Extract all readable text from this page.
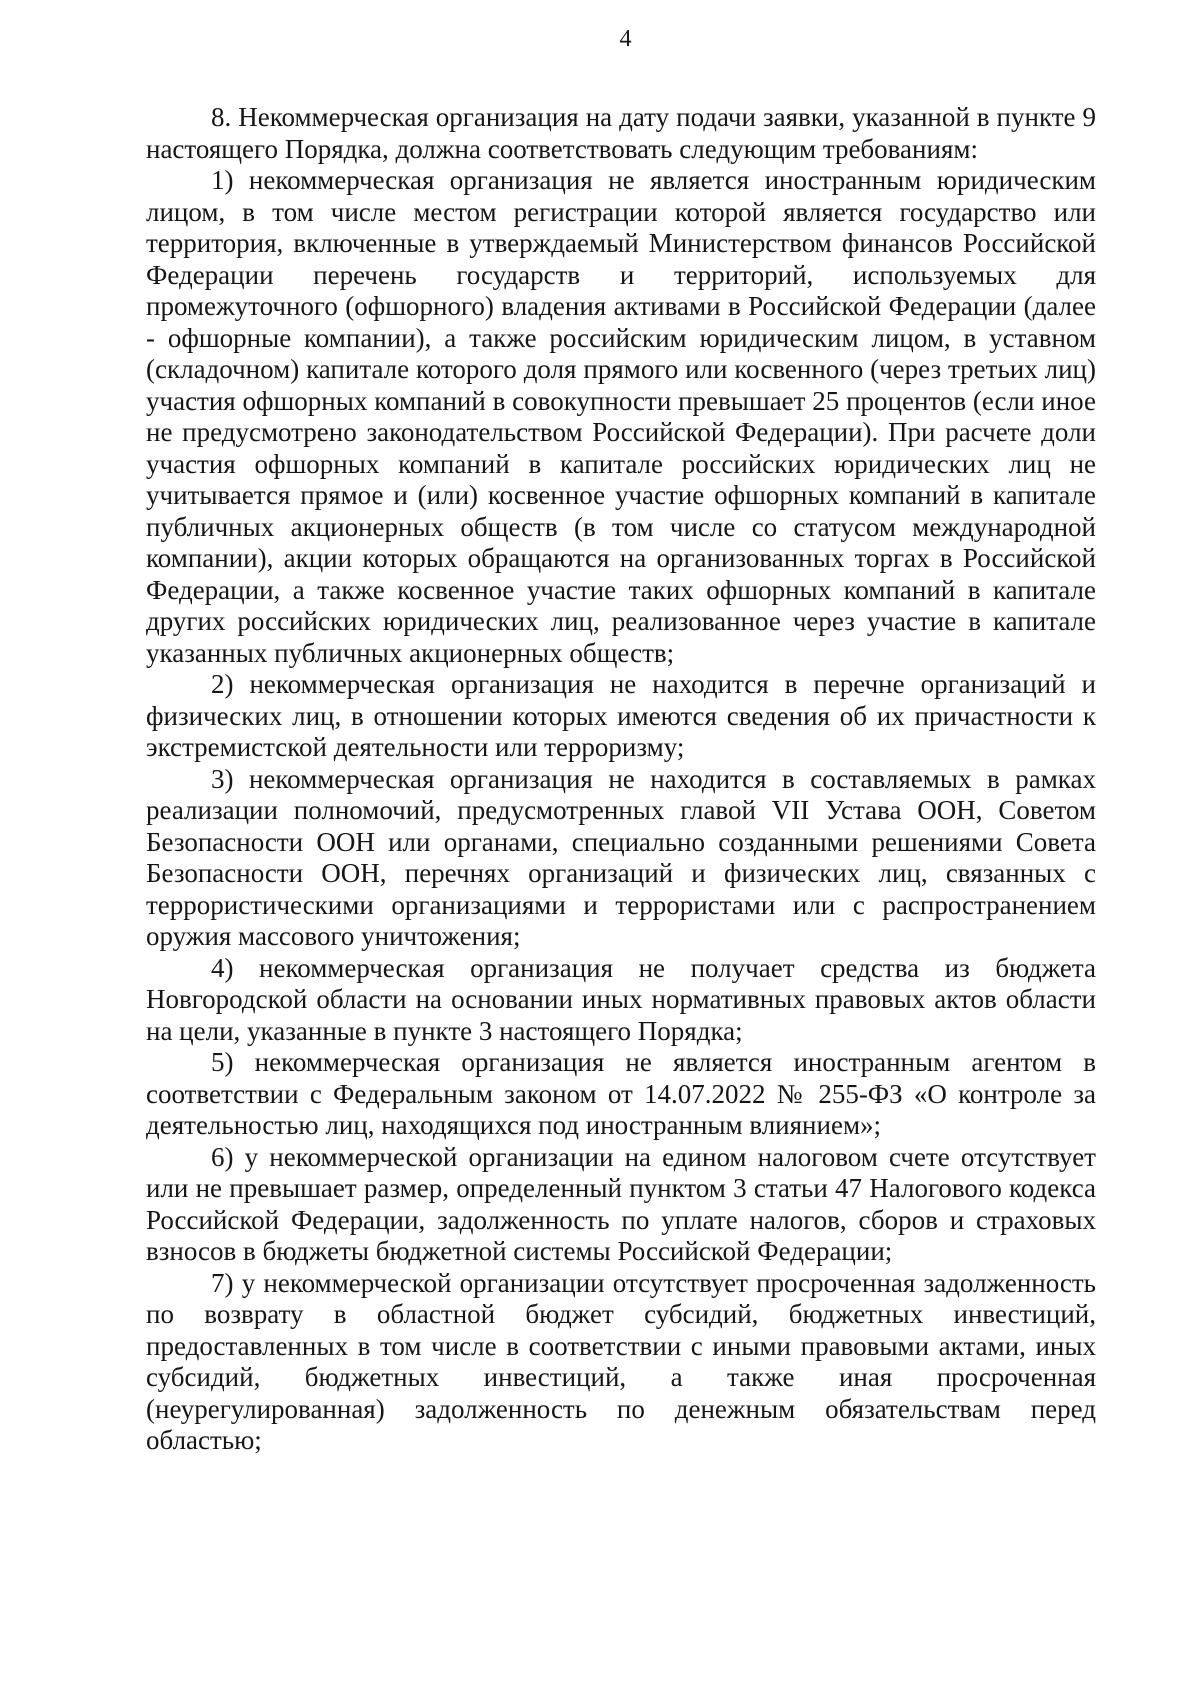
4

8. Некоммерческая организация на дату подачи заявки, указанной в пункте 9 настоящего Порядка, должна соответствовать следующим требованиям:

1) некоммерческая организация не является иностранным юридическим лицом, в том числе местом регистрации которой является государство или территория, включенные в утверждаемый Министерством финансов Российской Федерации перечень государств и территорий, используемых для промежуточного (офшорного) владения активами в Российской Федерации (далее - офшорные компании), а также российским юридическим лицом, в уставном (складочном) капитале которого доля прямого или косвенного (через третьих лиц) участия офшорных компаний в совокупности превышает 25 процентов (если иное не предусмотрено законодательством Российской Федерации). При расчете доли участия офшорных компаний в капитале российских юридических лиц не учитывается прямое и (или) косвенное участие офшорных компаний в капитале публичных акционерных обществ (в том числе со статусом международной компании), акции которых обращаются на организованных торгах в Российской Федерации, а также косвенное участие таких офшорных компаний в капитале других российских юридических лиц, реализованное через участие в капитале указанных публичных акционерных обществ;

2) некоммерческая организация не находится в перечне организаций и физических лиц, в отношении которых имеются сведения об их причастности к экстремистской деятельности или терроризму;

3) некоммерческая организация не находится в составляемых в рамках реализации полномочий, предусмотренных главой VII Устава ООН, Советом Безопасности ООН или органами, специально созданными решениями Совета Безопасности ООН, перечнях организаций и физических лиц, связанных с террористическими организациями и террористами или с распространением оружия массового уничтожения;

4) некоммерческая организация не получает средства из бюджета Новгородской области на основании иных нормативных правовых актов области на цели, указанные в пункте 3 настоящего Порядка;

5) некоммерческая организация не является иностранным агентом в соответствии с Федеральным законом от 14.07.2022 № 255-ФЗ «О контроле за деятельностью лиц, находящихся под иностранным влиянием»;

6) у некоммерческой организации на едином налоговом счете отсутствует или не превышает размер, определенный пунктом 3 статьи 47 Налогового кодекса Российской Федерации, задолженность по уплате налогов, сборов и страховых взносов в бюджеты бюджетной системы Российской Федерации;

7) у некоммерческой организации отсутствует просроченная задолженность по возврату в областной бюджет субсидий, бюджетных инвестиций, предоставленных в том числе в соответствии с иными правовыми актами, иных субсидий, бюджетных инвестиций, а также иная просроченная (неурегулированная) задолженность по денежным обязательствам перед областью;
